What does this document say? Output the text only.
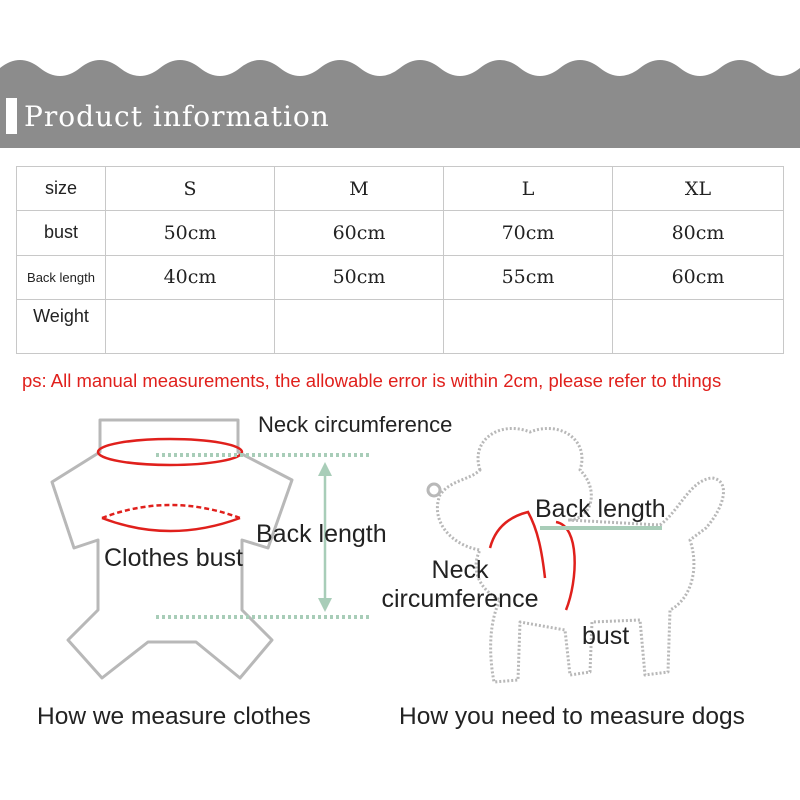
Product information
size	S	M	L	XL
bust	50cm	60cm	70cm	80cm
Back length	40cm	50cm	55cm	60cm
Weight				
ps: All manual measurements, the allowable error is within 2cm, please refer to things
Neck circumference
Back length
Clothes bust
How we measure clothes
Back length
Neck
circumference
bust
How you need to measure dogs
